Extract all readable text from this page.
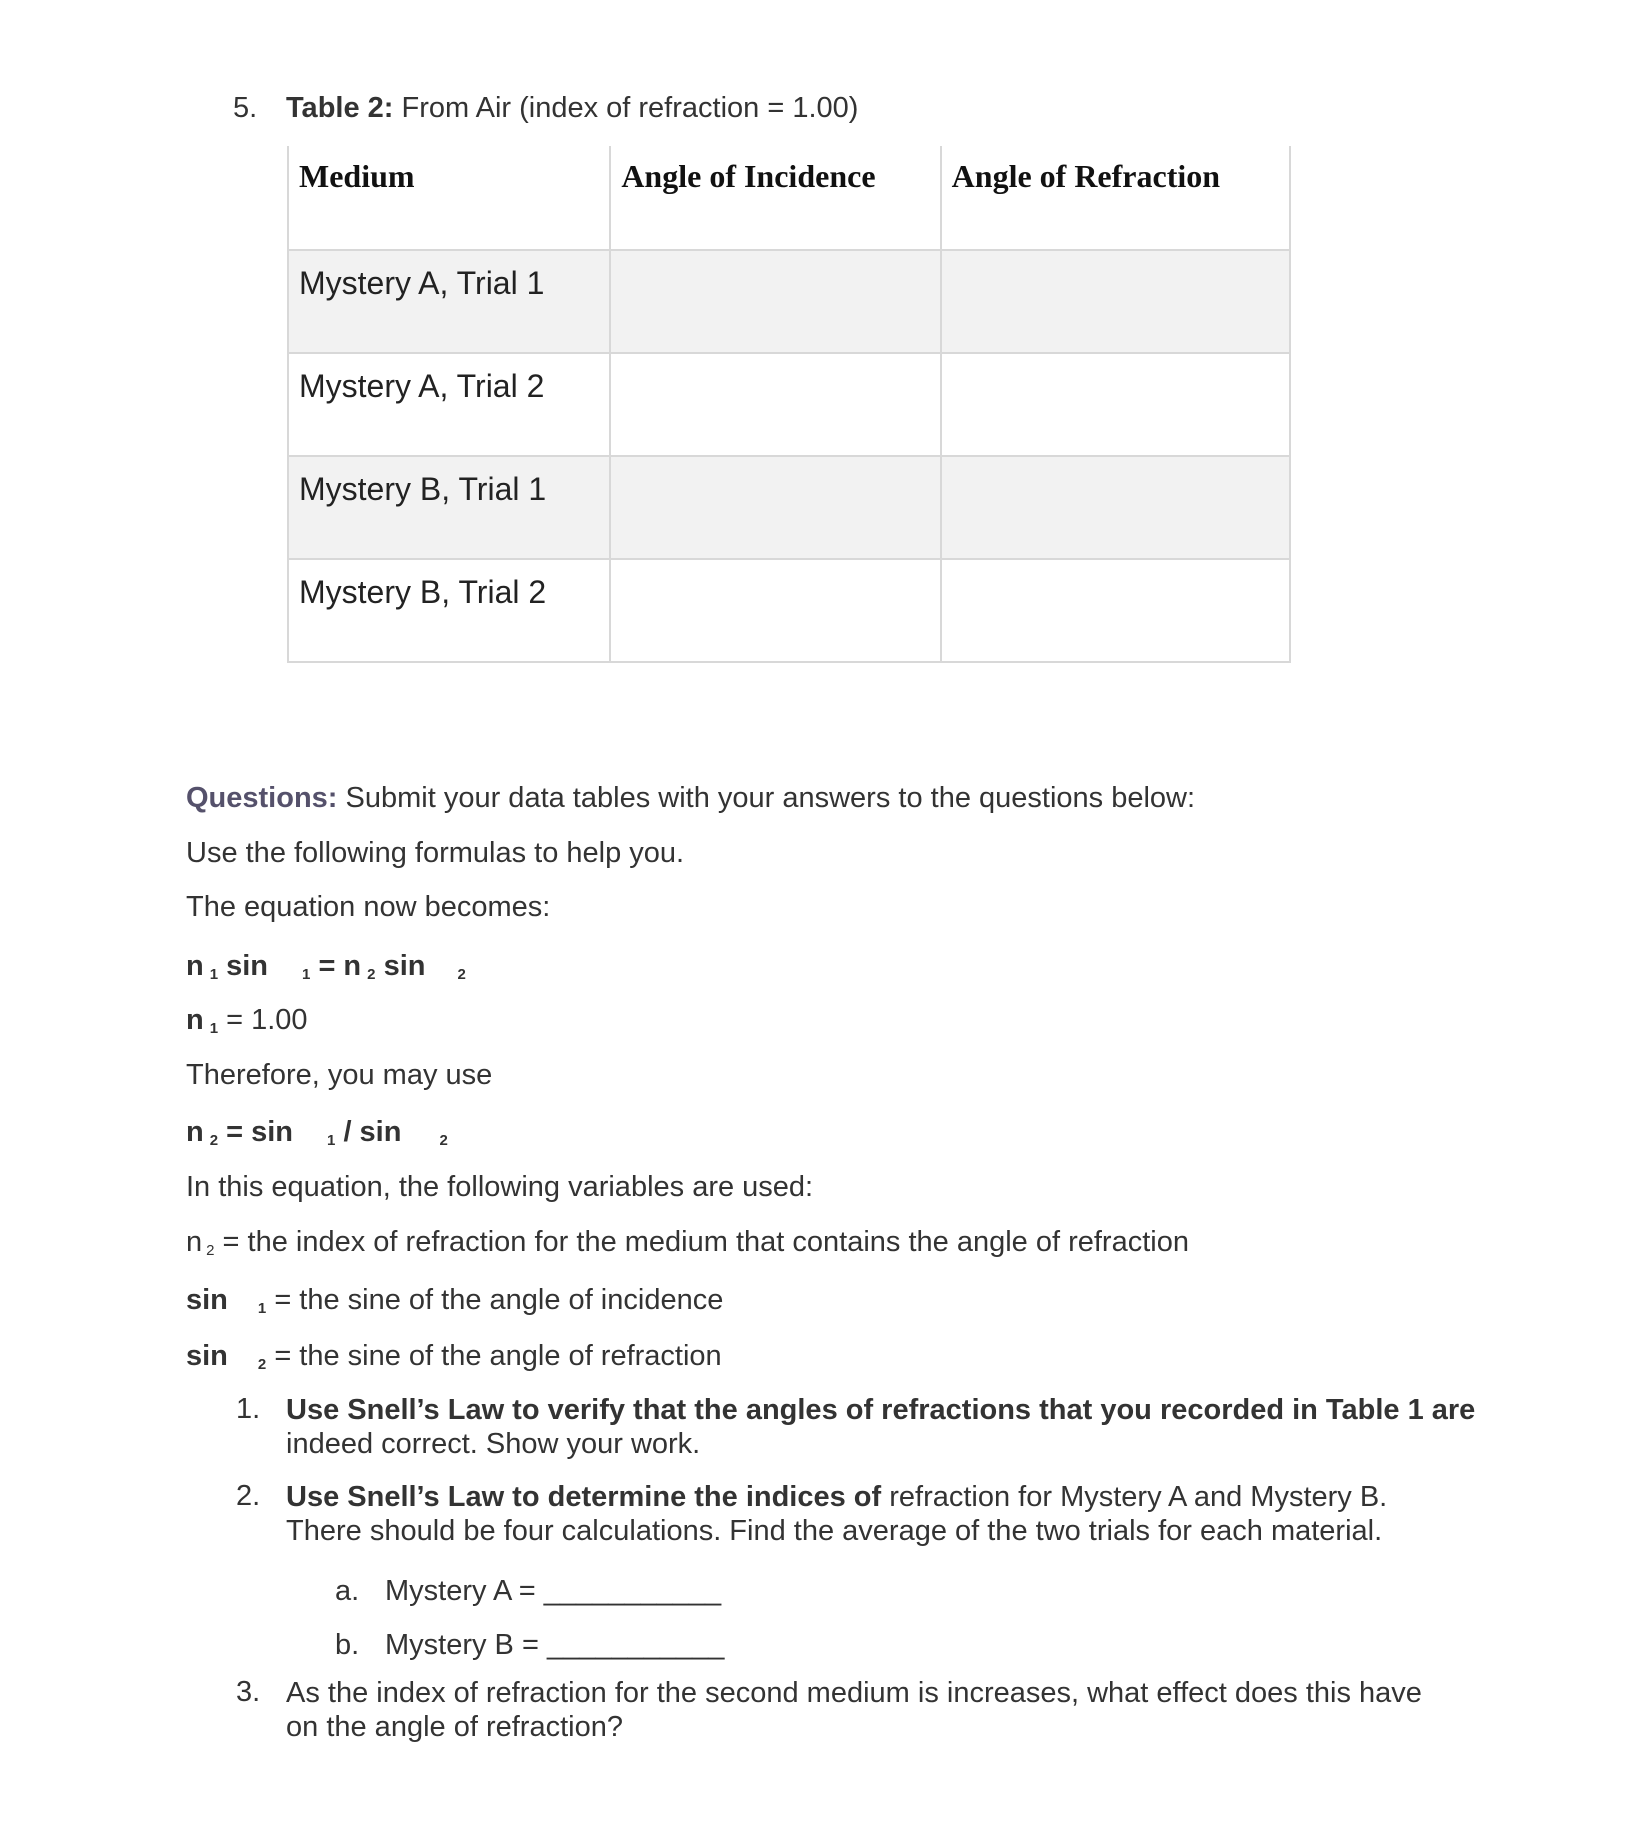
5. Table 2: From Air (index of refraction = 1.00)
Medium	Angle of Incidence	Angle of Refraction
Mystery A, Trial 1		
Mystery A, Trial 2		
Mystery B, Trial 1		
Mystery B, Trial 2		
Questions: Submit your data tables with your answers to the questions below:
Use the following formulas to help you.
The equation now becomes:
n 1 sin 1 = n 2 sin 2
n 1 = 1.00
Therefore, you may use
n 2 = sin 1 / sin	2
In this equation, the following variables are used:
n 2 = the index of refraction for the medium that contains the angle of refraction
sin 1 = the sine of the angle of incidence
sin 2 = the sine of the angle of refraction
1. Use Snell’s Law to verify that the angles of refractions that you recorded in Table 1 are
indeed correct. Show your work.
2. Use Snell’s Law to determine the indices of refraction for Mystery A and Mystery B.
There should be four calculations. Find the average of the two trials for each material.
a. Mystery A = ___________
b. Mystery B = ___________
3. As the index of refraction for the second medium is increases, what effect does this have
on the angle of refraction?
